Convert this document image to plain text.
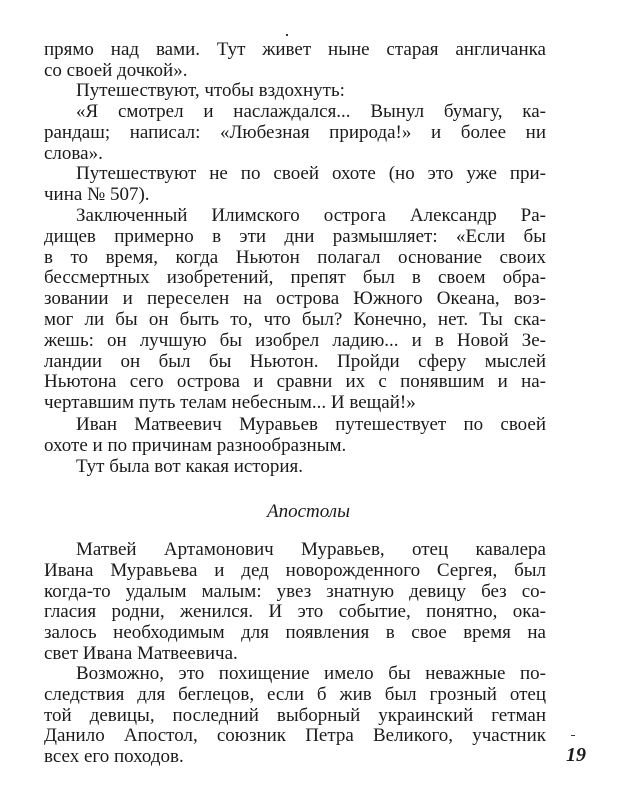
Апостолы
19
прямо над вами. Тут живет ныне старая англичанка
со своей дочкой».
Путешествуют, чтобы вздохнуть:
«Я смотрел и наслаждался... Вынул бумагу, ка-
рандаш; написал: «Любезная природа!» и более ни
слова».
Путешествуют не по своей охоте (но это уже при-
чина № 507).
Заключенный Илимского острога Александр Ра-
дищев примерно в эти дни размышляет: «Если бы
в то время, когда Ньютон полагал основание своих
бессмертных изобретений, препят был в своем обра-
зовании и переселен на острова Южного Океана, воз-
мог ли бы он быть то, что был? Конечно, нет. Ты ска-
жешь: он лучшую бы изобрел ладию... и в Новой Зе-
ландии он был бы Ньютон. Пройди сферу мыслей
Ньютона сего острова и сравни их с понявшим и на-
чертавшим путь телам небесным... И вещай!»
Иван Матвеевич Муравьев путешествует по своей
охоте и по причинам разнообразным.
Тут была вот какая история.
Матвей Артамонович Муравьев, отец кавалера
Ивана Муравьева и дед новорожденного Сергея, был
когда-то удалым малым: увез знатную девицу без со-
гласия родни, женился. И это событие, понятно, ока-
залось необходимым для появления в свое время на
свет Ивана Матвеевича.
Возможно, это похищение имело бы неважные по-
следствия для беглецов, если б жив был грозный отец
той девицы, последний выборный украинский гетман
Данило Апостол, союзник Петра Великого, участник
всех его походов.
